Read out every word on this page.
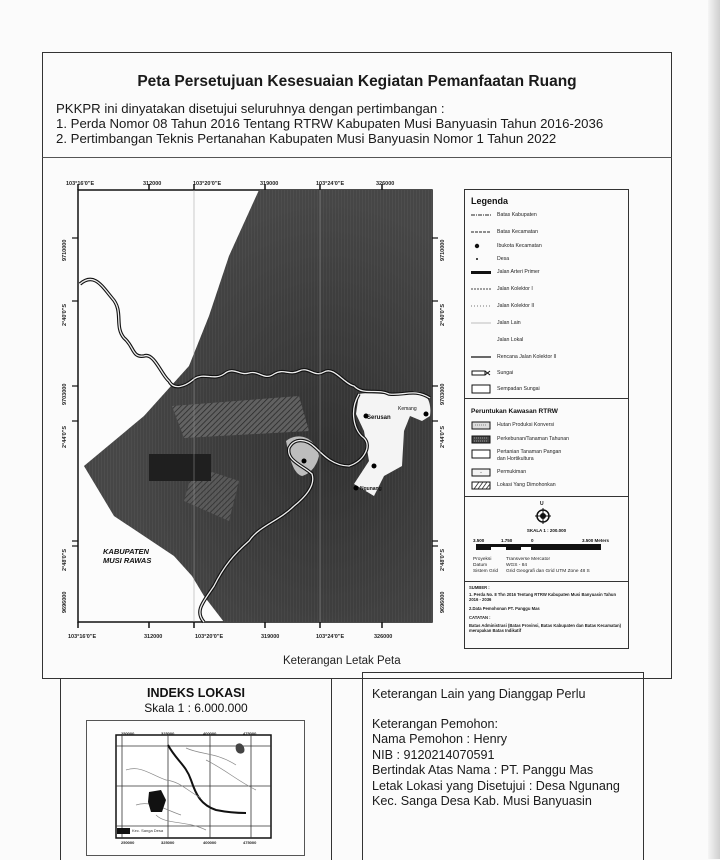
Peta Persetujuan Kesesuaian Kegiatan Pemanfaatan Ruang
PKKPR ini dinyatakan disetujui seluruhnya dengan pertimbangan :
1. Perda Nomor 08 Tahun 2016 Tentang RTRW Kabupaten Musi Banyuasin Tahun 2016-2036
2. Pertimbangan Teknis Pertanahan Kabupaten Musi Banyuasin Nomor 1 Tahun 2022
103°16'0"E	312000	103°20'0"E	319000	103°24'0"E	326000
103°16'0"E	312000	103°20'0"E	319000	103°24'0"E	326000
9710000
2°40'0"S
9703000
2°44'0"S
2°48'0"S
9696000
9710000
2°40'0"S
9703000
2°44'0"S
2°48'0"S
9696000
KABUPATEN
MUSI RAWAS
Serusan
Kemang
Ngunang
Legenda
Batas Kabupaten
Batas Kecamatan
Ibukota Kecamatan
Desa
Jalan Arteri Primer
Jalan Kolektor I
Jalan Kolektor II
Jalan Lain
Jalan Lokal
Rencana Jalan Kolektor II
Sungai
Sempadan Sungai
Peruntukan Kawasan RTRW
Hutan Produksi Konversi
Perkebunan/Tanaman Tahunan
Pertanian Tanaman Pangan
dan Hortikultura
Permukiman
Lokasi Yang Dimohonkan
U
SKALA 1 : 200.000
3.500	1.750	0	3.500 Meters
Proyeksi	Transverse Mercator
Datum	WGS - 84
Sistem Grid	Grid Geografi dan Grid UTM Zone 48 S
SUMBER :
1. Perda No. 8 Thn 2016 Tentang RTRW Kabupaten Musi Banyuasin Tahun 2016 - 2036
2.Data Pemohonan PT. Panggu Mas
CATATAN :
Batas Administrasi (Batas Provinsi, Batas Kabupaten dan Batas Kecamatan) merupakan Batas Indikatif
Keterangan Letak Peta
INDEKS LOKASI
Skala 1 : 6.000.000
250000	325000	400000	475000
250000	325000	400000	475000
Kec. Sanga Desa
Keterangan Lain yang Dianggap Perlu
Keterangan Pemohon:
Nama Pemohon : Henry
NIB : 9120214070591
Bertindak Atas Nama : PT. Panggu Mas
Letak Lokasi yang Disetujui : Desa Ngunang
Kec. Sanga Desa Kab. Musi Banyuasin
